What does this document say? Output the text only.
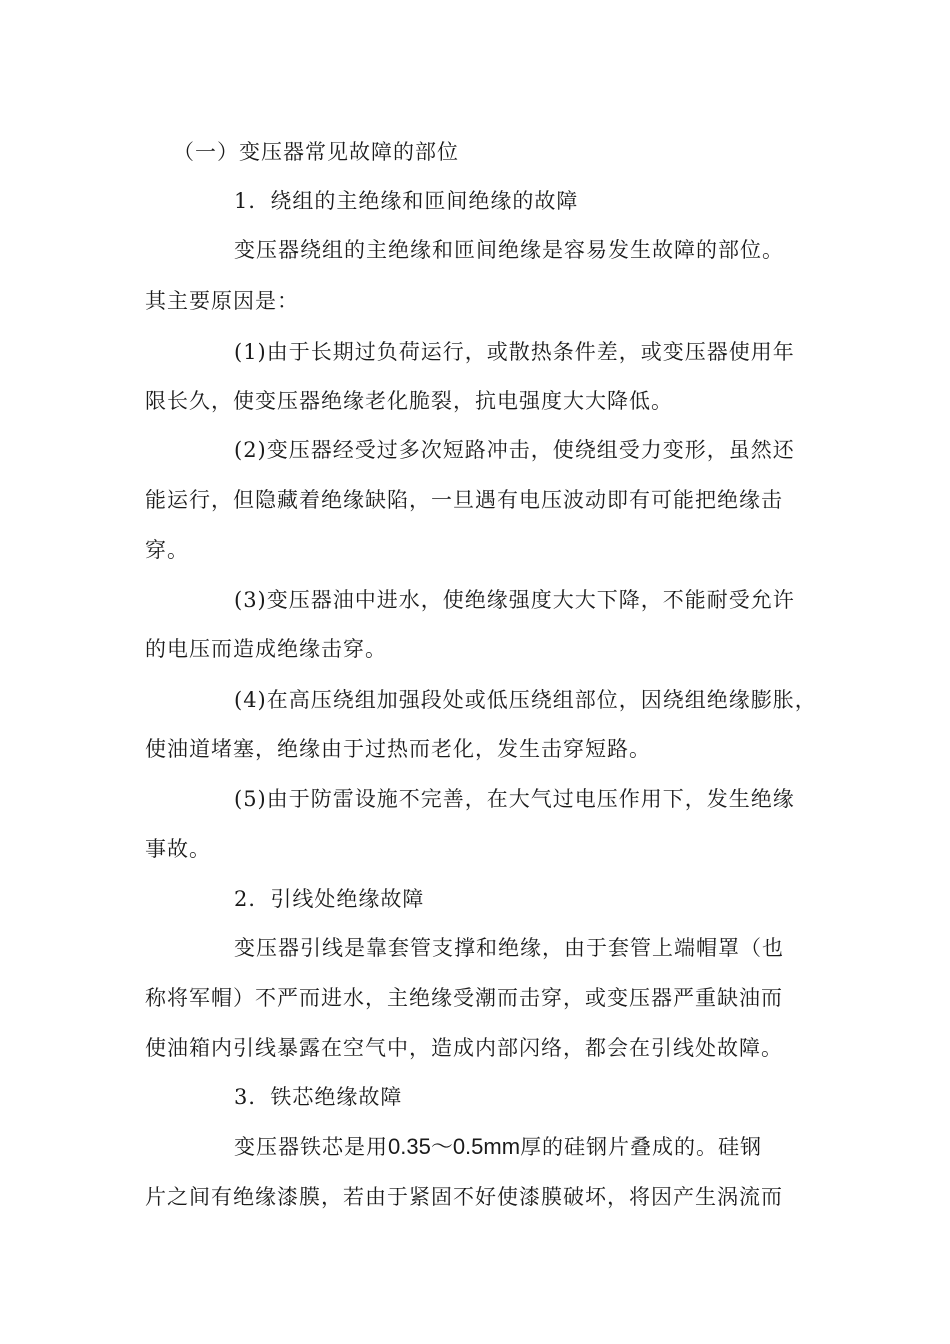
（一）变压器常见故障的部位
1．绕组的主绝缘和匝间绝缘的故障
变压器绕组的主绝缘和匝间绝缘是容易发生故障的部位。
其主要原因是：
(1)由于长期过负荷运行，或散热条件差，或变压器使用年
限长久，使变压器绝缘老化脆裂，抗电强度大大降低。
(2)变压器经受过多次短路冲击，使绕组受力变形，虽然还
能运行，但隐藏着绝缘缺陷，一旦遇有电压波动即有可能把绝缘击
穿。
(3)变压器油中进水，使绝缘强度大大下降，不能耐受允许
的电压而造成绝缘击穿。
(4)在高压绕组加强段处或低压绕组部位，因绕组绝缘膨胀，
使油道堵塞，绝缘由于过热而老化，发生击穿短路。
(5)由于防雷设施不完善，在大气过电压作用下，发生绝缘
事故。
2．引线处绝缘故障
变压器引线是靠套管支撑和绝缘，由于套管上端帽罩（也
称将军帽）不严而进水，主绝缘受潮而击穿，或变压器严重缺油而
使油箱内引线暴露在空气中，造成内部闪络，都会在引线处故障。
3．铁芯绝缘故障
变压器铁芯是用0.35～0.5mm厚的硅钢片叠成的。硅钢
片之间有绝缘漆膜，若由于紧固不好使漆膜破坏，将因产生涡流而
